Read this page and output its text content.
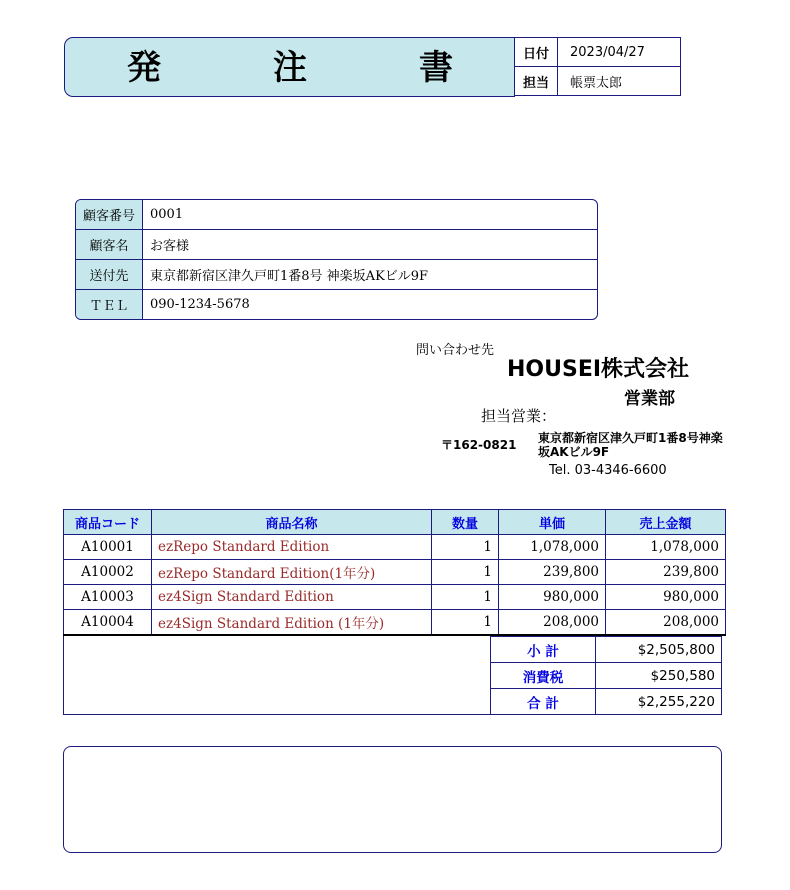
発	注	書	日付	2023/04/27
担当	帳票太郎
顧客番号	0001
顧客名	お客様
送付先	東京都新宿区津久戸町1番8号 神楽坂AKビル9F
ＴＥＬ	090-1234-5678
問い合わせ先
HOUSEI株式会社
営業部
担当営業：
〒162-0821 東京都新宿区津久戸町1番8号神楽坂AKビル9F
Tel. 03-4346-6600
商品コード	商品名称	数量	単価	売上金額
A10001	ezRepo Standard Edition	1	1,078,000	1,078,000
A10002	ezRepo Standard Edition(1年分)	1	239,800	239,800
A10003	ez4Sign Standard Edition	1	980,000	980,000
A10004	ez4Sign Standard Edition (1年分)	1	208,000	208,000
小 計	$2,505,800
消費税	$250,580
合 計	$2,255,220
